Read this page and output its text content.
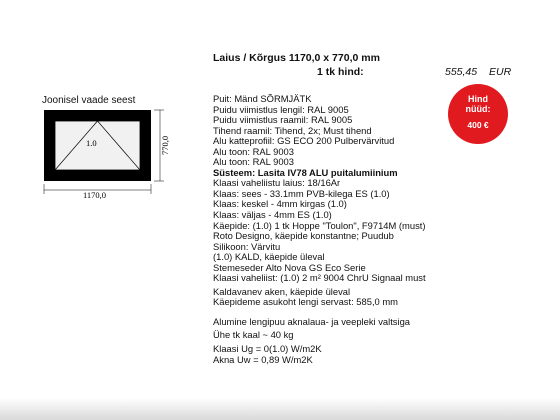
Laius / Kõrgus 1170,0 x 770,0 mm
1 tk hind:	555,45 EUR
Joonisel vaade seest
1.0	770,0
1170,0
Hind
nüüd:
400 €
Puit: Mänd SÕRMJÄTK
Puidu viimistlus lengil: RAL 9005
Puidu viimistlus raamil: RAL 9005
Tihend raamil: Tihend, 2x; Must tihend
Alu katteprofiil: GS ECO 200 Pulbervärvitud
Alu toon: RAL 9003
Alu toon: RAL 9003
Süsteem: Lasita IV78 ALU puitalumiinium
Klaasi vaheliistu laius: 18/16Ar
Klaas: sees - 33.1mm PVB-kilega ES (1.0)
Klaas: keskel - 4mm kirgas (1.0)
Klaas: väljas - 4mm ES (1.0)
Käepide: (1.0) 1 tk Hoppe "Toulon", F9714M (must)
Roto Designo, käepide konstantne; Puudub
Silikoon: Värvitu
(1.0) KALD, käepide üleval
Stemeseder Alto Nova GS Eco Serie
Klaasi vaheliist: (1.0) 2 m² 9004 ChrU Signaal must
Kaldavanev aken, käepide üleval
Käepideme asukoht lengi servast: 585,0 mm
Alumine lengipuu aknalaua- ja veepleki valtsiga
Ühe tk kaal ~ 40 kg
Klaasi Ug = 0(1.0) W/m2K
Akna Uw = 0,89 W/m2K
